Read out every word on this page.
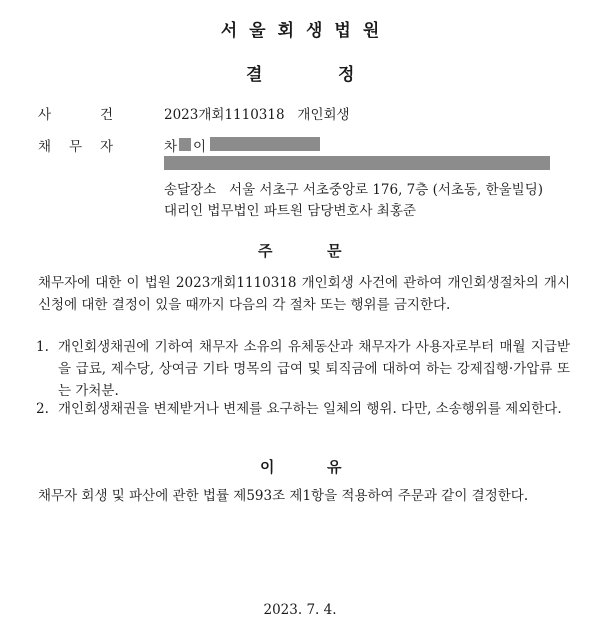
서울회생법원
결	정
사	건	2023개회1110318   개인회생
채 무 자	차 이
송달장소   서울 서초구 서초중앙로 176, 7층 (서초동, 한울빌딩)
대리인 법무법인 파트원 담당변호사 최홍준
주	문
채무자에 대한 이 법원 2023개회1110318 개인회생 사건에 관하여 개인회생절차의 개시신청에 대한 결정이 있을 때까지 다음의 각 절차 또는 행위를 금지한다.
1. 개인회생채권에 기하여 채무자 소유의 유체동산과 채무자가 사용자로부터 매월 지급받을 급료, 제수당, 상여금 기타 명목의 급여 및 퇴직금에 대하여 하는 강제집행·가압류 또는 가처분.
2. 개인회생채권을 변제받거나 변제를 요구하는 일체의 행위. 다만, 소송행위를 제외한다.
이	유
채무자 회생 및 파산에 관한 법률 제593조 제1항을 적용하여 주문과 같이 결정한다.
2023. 7. 4.
